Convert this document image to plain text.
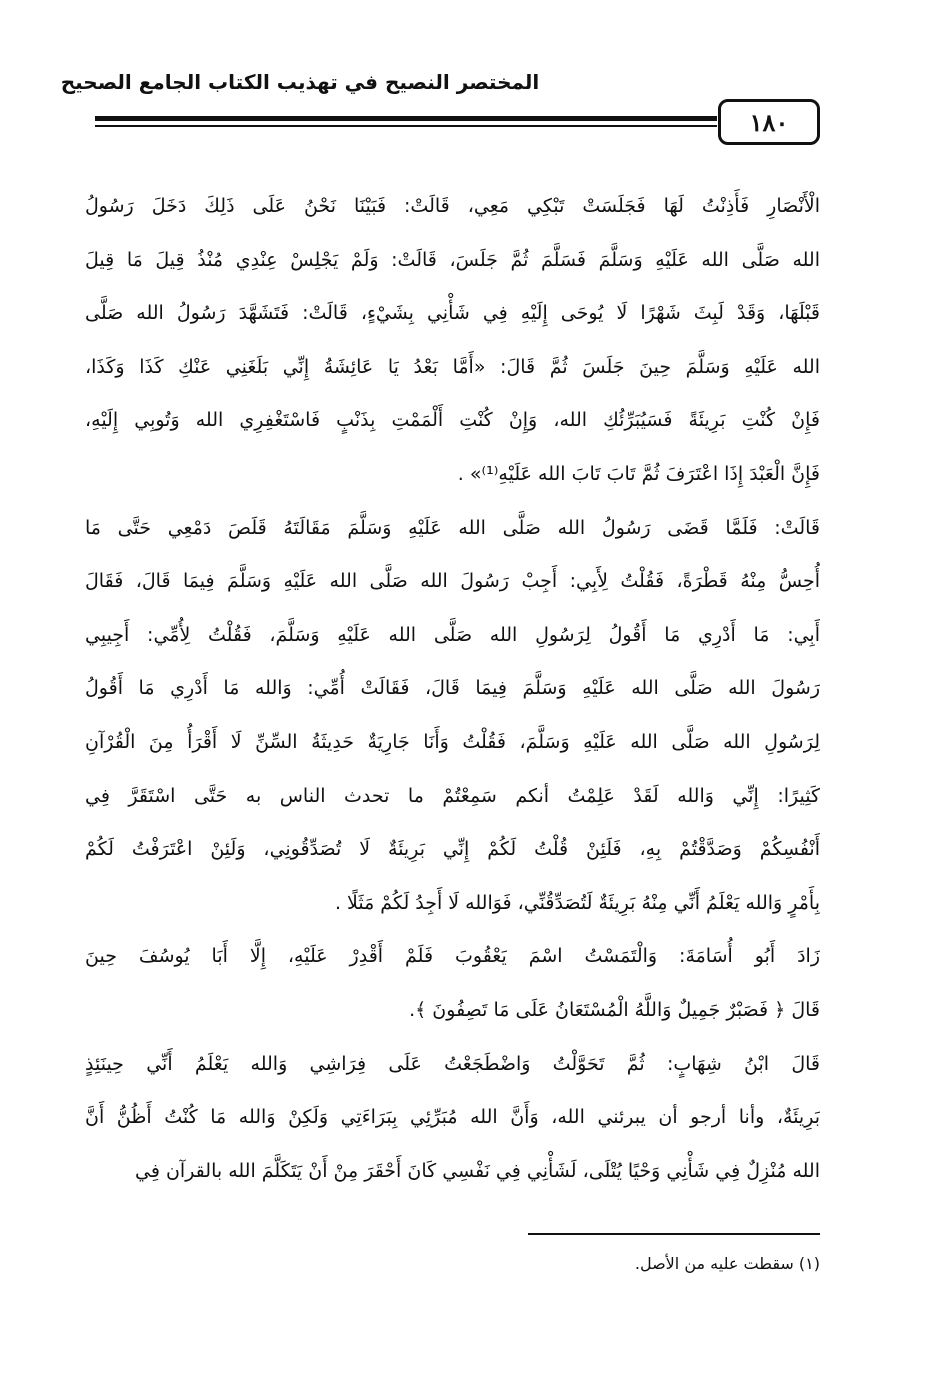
المختصر النصيح في تهذيب الكتاب الجامع الصحيح
١٨٠
الْأَنْصَارِ فَأَذِنْتُ لَهَا فَجَلَسَتْ تَبْكِي مَعِي، قَالَتْ: فَبَيْنَا نَحْنُ عَلَى ذَلِكَ دَخَلَ رَسُولُ
الله صَلَّى الله عَلَيْهِ وَسَلَّمَ فَسَلَّمَ ثُمَّ جَلَسَ، قَالَتْ: وَلَمْ يَجْلِسْ عِنْدِي مُنْذُ قِيلَ مَا قِيلَ
قَبْلَهَا، وَقَدْ لَبِثَ شَهْرًا لَا يُوحَى إِلَيْهِ فِي شَأْنِي بِشَيْءٍ، قَالَتْ: فَتَشَهَّدَ رَسُولُ الله صَلَّى
الله عَلَيْهِ وَسَلَّمَ حِينَ جَلَسَ ثُمَّ قَالَ: «أَمَّا بَعْدُ يَا عَائِشَةُ إِنِّي بَلَغَنِي عَنْكِ كَذَا وَكَذَا،
فَإِنْ كُنْتِ بَرِيئَةً فَسَيُبَرِّئُكِ الله، وَإِنْ كُنْتِ أَلْمَمْتِ بِذَنْبٍ فَاسْتَغْفِرِي الله وَتُوبِي إِلَيْهِ،
فَإِنَّ الْعَبْدَ إِذَا اعْتَرَفَ ثُمَّ تَابَ تَابَ الله عَلَيْهِ⁽¹⁾» .
قَالَتْ: فَلَمَّا قَضَى رَسُولُ الله صَلَّى الله عَلَيْهِ وَسَلَّمَ مَقَالَتَهُ قَلَصَ دَمْعِي حَتَّى مَا
أُحِسُّ مِنْهُ قَطْرَةً، فَقُلْتُ لِأَبِي: أَجِبْ رَسُولَ الله صَلَّى الله عَلَيْهِ وَسَلَّمَ فِيمَا قَالَ، فَقَالَ
أَبِي: مَا أَدْرِي مَا أَقُولُ لِرَسُولِ الله صَلَّى الله عَلَيْهِ وَسَلَّمَ، فَقُلْتُ لِأُمِّي: أَجِيبِي
رَسُولَ الله صَلَّى الله عَلَيْهِ وَسَلَّمَ فِيمَا قَالَ، فَقَالَتْ أُمِّي: وَالله مَا أَدْرِي مَا أَقُولُ
لِرَسُولِ الله صَلَّى الله عَلَيْهِ وَسَلَّمَ، فَقُلْتُ وَأَنَا جَارِيَةٌ حَدِيثَةُ السِّنِّ لَا أَقْرَأُ مِنَ الْقُرْآنِ
كَثِيرًا: إِنِّي وَالله لَقَدْ عَلِمْتُ أنكم سَمِعْتُمْ ما تحدث الناس به حَتَّى اسْتَقَرَّ فِي
أَنْفُسِكُمْ وَصَدَّقْتُمْ بِهِ، فَلَئِنْ قُلْتُ لَكُمْ إِنِّي بَرِيئَةٌ لَا تُصَدِّقُونِي، وَلَئِنْ اعْتَرَفْتُ لَكُمْ
بِأَمْرٍ وَالله يَعْلَمُ أَنِّي مِنْهُ بَرِيئَةٌ لَتُصَدِّقُنِّي، فَوَالله لَا أَجِدُ لَكُمْ مَثَلًا .
زَادَ أَبُو أُسَامَةَ: وَالْتَمَسْتُ اسْمَ يَعْقُوبَ فَلَمْ أَقْدِرْ عَلَيْهِ، إِلَّا أَبَا يُوسُفَ حِينَ
قَالَ ﴿ فَصَبْرٌ جَمِيلٌ وَاللَّهُ الْمُسْتَعَانُ عَلَى مَا تَصِفُونَ ﴾.
قَالَ ابْنُ شِهَابٍ: ثُمَّ تَحَوَّلْتُ وَاضْطَجَعْتُ عَلَى فِرَاشِي وَالله يَعْلَمُ أَنِّي حِينَئِذٍ
بَرِيئَةٌ، وأنا أرجو أن يبرئني الله، وَأَنَّ الله مُبَرِّئِي بِبَرَاءَتِي وَلَكِنْ وَالله مَا كُنْتُ أَظُنُّ أَنَّ
الله مُنْزِلٌ فِي شَأْنِي وَحْيًا يُتْلَى، لَشَأْنِي فِي نَفْسِي كَانَ أَحْقَرَ مِنْ أَنْ يَتَكَلَّمَ الله بالقرآن فِي
(١) سقطت عليه من الأصل.
